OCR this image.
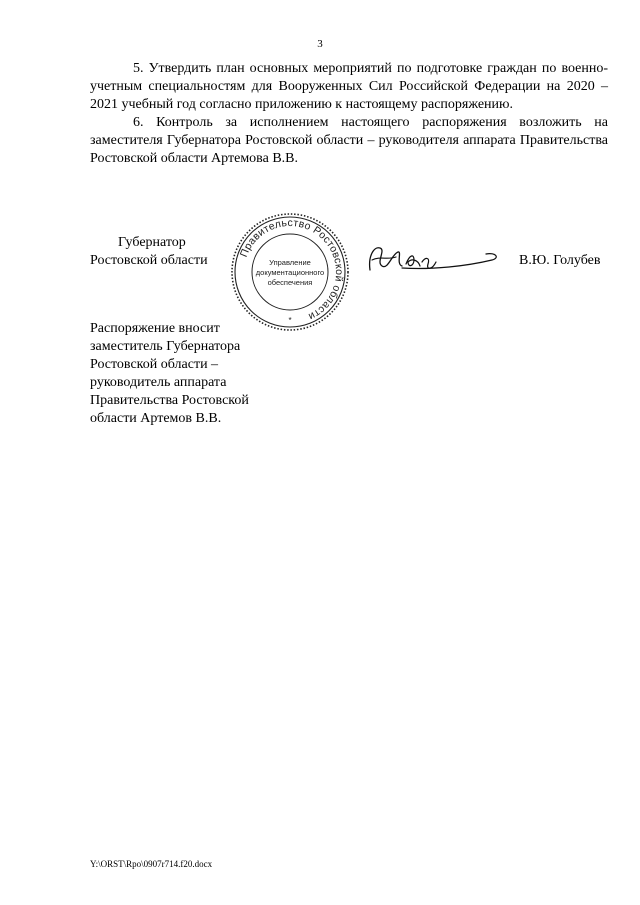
3

5. Утвердить план основных мероприятий по подготовке граждан по военно-учетным специальностям для Вооруженных Сил Российской Федерации на 2020 – 2021 учебный год согласно приложению к настоящему распоряжению.

6. Контроль за исполнением настоящего распоряжения возложить на заместителя Губернатора Ростовской области – руководителя аппарата Правительства Ростовской области Артемова В.В.

Губернатор
Ростовской области
Правительство Ростовской области
Управление
документационного
обеспечения
*
В.Ю. Голубев
Распоряжение вносит
заместитель Губернатора
Ростовской области –
руководитель аппарата
Правительства Ростовской
области Артемов В.В.
Y:\ORST\Rpo\0907r714.f20.docx
